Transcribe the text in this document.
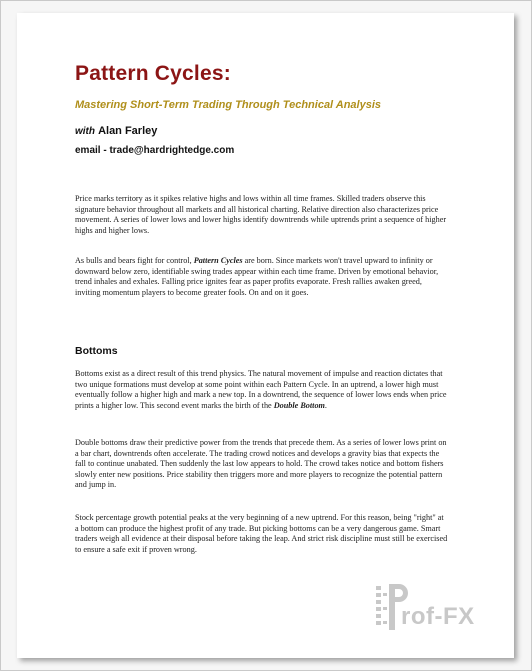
Pattern Cycles:
Mastering Short-Term Trading Through Technical Analysis
with Alan Farley
email - trade@hardrightedge.com

Price marks territory as it spikes relative highs and lows within all time frames. Skilled traders observe this signature behavior throughout all markets and all historical charting. Relative direction also characterizes price movement. A series of lower lows and lower highs identify downtrends while uptrends print a sequence of higher highs and higher lows.

As bulls and bears fight for control, Pattern Cycles are born. Since markets won't travel upward to infinity or downward below zero, identifiable swing trades appear within each time frame. Driven by emotional behavior, trend inhales and exhales. Falling price ignites fear as paper profits evaporate. Fresh rallies awaken greed, inviting momentum players to become greater fools. On and on it goes.

Bottoms

Bottoms exist as a direct result of this trend physics. The natural movement of impulse and reaction dictates that two unique formations must develop at some point within each Pattern Cycle. In an uptrend, a lower high must eventually follow a higher high and mark a new top. In a downtrend, the sequence of lower lows ends when price prints a higher low. This second event marks the birth of the Double Bottom.

Double bottoms draw their predictive power from the trends that precede them. As a series of lower lows print on a bar chart, downtrends often accelerate. The trading crowd notices and develops a gravity bias that expects the fall to continue unabated. Then suddenly the last low appears to hold. The crowd takes notice and bottom fishers slowly enter new positions. Price stability then triggers more and more players to recognize the potential pattern and jump in.

Stock percentage growth potential peaks at the very beginning of a new uptrend. For this reason, being "right" at a bottom can produce the highest profit of any trade. But picking bottoms can be a very dangerous game. Smart traders weigh all evidence at their disposal before taking the leap. And strict risk discipline must still be exercised to ensure a safe exit if proven wrong.

rof-FX
